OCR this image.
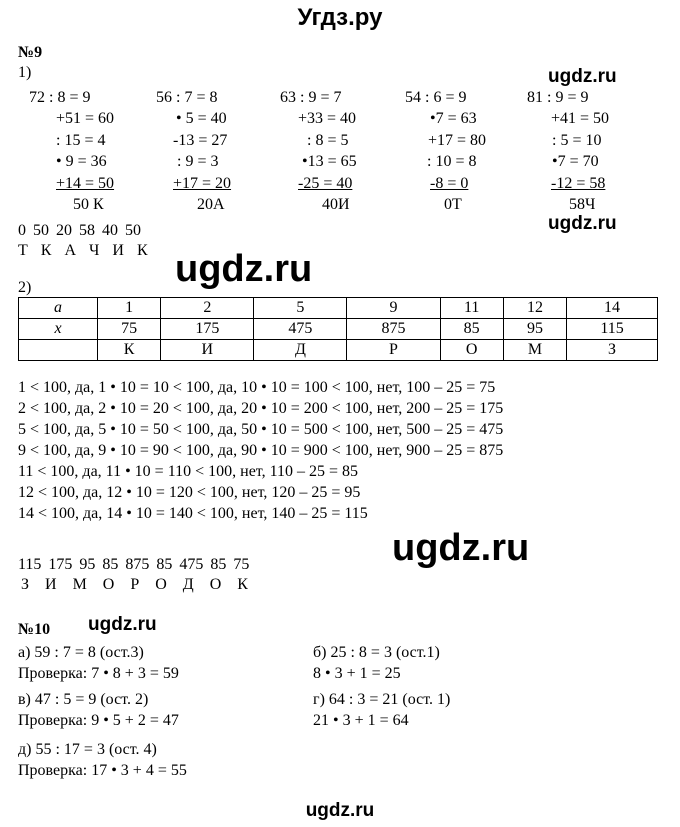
Угдз.ру
ugdz.ru
ugdz.ru
ugdz.ru
ugdz.ru
ugdz.ru
ugdz.ru
№9
1)
72 : 8 = 9
+51 = 60
: 15 = 4
• 9 = 36
+14 = 50
50 К
56 : 7 = 8
• 5 = 40
-13 = 27
: 9 = 3
+17 = 20
20А
63 : 9 = 7
+33 = 40
: 8 = 5
•13 = 65
-25 = 40
40И
54 : 6 = 9
•7 = 63
+17 = 80
: 10 = 8
-8 = 0
0Т
81 : 9 = 9
+41 = 50
: 5 = 10
•7 = 70
-12 = 58
58Ч
0 50 20 58 40 50
Т К А Ч И К
2)
a	1	2	5	9	11	12	14
x	75	175	475	875	85	95	115
	К	И	Д	Р	О	М	З
1 < 100, да, 1 • 10 = 10 < 100, да, 10 • 10 = 100 < 100, нет, 100 – 25 = 75
2 < 100, да, 2 • 10 = 20 < 100, да, 20 • 10 = 200 < 100, нет, 200 – 25 = 175
5 < 100, да, 5 • 10 = 50 < 100, да, 50 • 10 = 500 < 100, нет, 500 – 25 = 475
9 < 100, да, 9 • 10 = 90 < 100, да, 90 • 10 = 900 < 100, нет, 900 – 25 = 875
11 < 100, да, 11 • 10 = 110 < 100, нет, 110 – 25 = 85
12 < 100, да, 12 • 10 = 120 < 100, нет, 120 – 25 = 95
14 < 100, да, 14 • 10 = 140 < 100, нет, 140 – 25 = 115
115 175 95 85 875 85 475 85 75
З И М О Р О Д О К
№10
а) 59 : 7 = 8 (ост.3)
Проверка: 7 • 8 + 3 = 59
б) 25 : 8 = 3 (ост.1)
8 • 3 + 1 = 25
в) 47 : 5 = 9 (ост. 2)
Проверка: 9 • 5 + 2 = 47
г) 64 : 3 = 21 (ост. 1)
21 • 3 + 1 = 64
д) 55 : 17 = 3 (ост. 4)
Проверка: 17 • 3 + 4 = 55
